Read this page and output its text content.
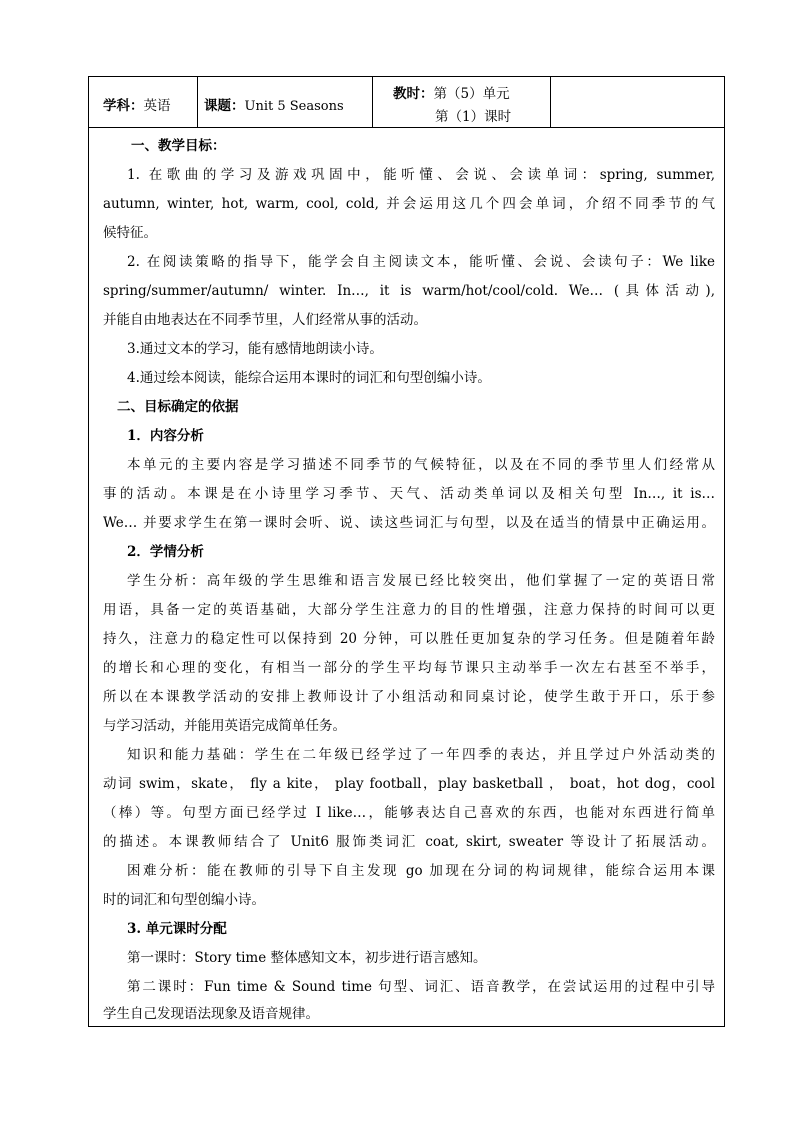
学科：英语 课题：Unit 5 Seasons
教时：第（5）单元
第（1）课时
一、教学目标：
1. 在歌曲的学习及游戏巩固中，能听懂、会说、会读单词：spring, summer,
autumn, winter, hot, warm, cool, cold, 并会运用这几个四会单词，介绍不同季节的气
候特征。
2. 在阅读策略的指导下，能学会自主阅读文本，能听懂、会说、会读句子：We like
spring/summer/autumn/ winter. In…, it is warm/hot/cool/cold. We… (具体活动),
并能自由地表达在不同季节里，人们经常从事的活动。
3.通过文本的学习，能有感情地朗读小诗。
4.通过绘本阅读，能综合运用本课时的词汇和句型创编小诗。
二、目标确定的依据
1．内容分析
本单元的主要内容是学习描述不同季节的气候特征，以及在不同的季节里人们经常从
事的活动。本课是在小诗里学习季节、天气、活动类单词以及相关句型 In…, it is…
We… 并要求学生在第一课时会听、说、读这些词汇与句型，以及在适当的情景中正确运用。
2．学情分析
学生分析：高年级的学生思维和语言发展已经比较突出，他们掌握了一定的英语日常
用语，具备一定的英语基础，大部分学生注意力的目的性增强，注意力保持的时间可以更
持久，注意力的稳定性可以保持到 20 分钟，可以胜任更加复杂的学习任务。但是随着年龄
的增长和心理的变化，有相当一部分的学生平均每节课只主动举手一次左右甚至不举手，
所以在本课教学活动的安排上教师设计了小组活动和同桌讨论，使学生敢于开口，乐于参
与学习活动，并能用英语完成简单任务。
知识和能力基础：学生在二年级已经学过了一年四季的表达，并且学过户外活动类的
动词 swim，skate， fly a kite， play football，play basketball ， boat，hot dog，cool
（棒）等。句型方面已经学过 I like…，能够表达自己喜欢的东西，也能对东西进行简单
的描述。本课教师结合了 Unit6 服饰类词汇 coat, skirt, sweater 等设计了拓展活动。
困难分析：能在教师的引导下自主发现 go 加现在分词的构词规律，能综合运用本课
时的词汇和句型创编小诗。
3. 单元课时分配
第一课时：Story time 整体感知文本，初步进行语言感知。
第二课时：Fun time & Sound time 句型、词汇、语音教学，在尝试运用的过程中引导
学生自己发现语法现象及语音规律。
